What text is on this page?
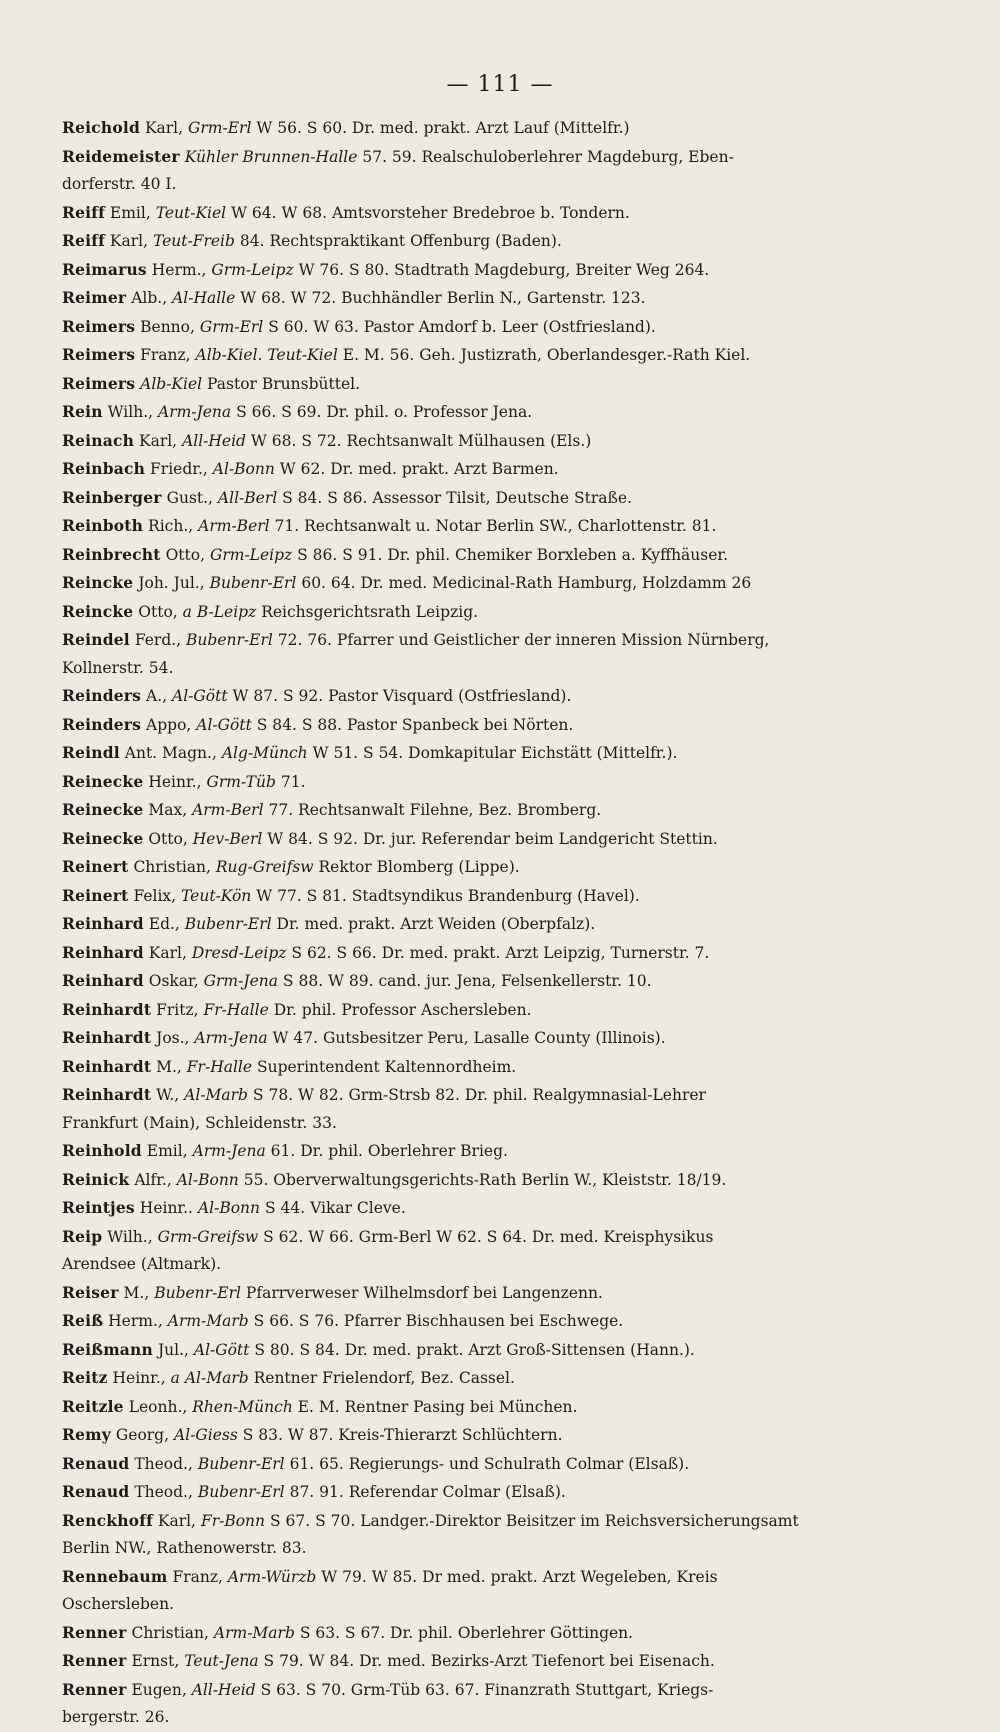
— 111 —

Reichold Karl, Grm-Erl W 56. S 60. Dr. med. prakt. Arzt Lauf (Mittelfr.)

Reidemeister Kühler Brunnen-Halle 57. 59. Realschuloberlehrer Magdeburg, Eben-
dorferstr. 40 I.

Reiff Emil, Teut-Kiel W 64. W 68. Amtsvorsteher Bredebroe b. Tondern.

Reiff Karl, Teut-Freib 84. Rechtspraktikant Offenburg (Baden).

Reimarus Herm., Grm-Leipz W 76. S 80. Stadtrath Magdeburg, Breiter Weg 264.

Reimer Alb., Al-Halle W 68. W 72. Buchhändler Berlin N., Gartenstr. 123.

Reimers Benno, Grm-Erl S 60. W 63. Pastor Amdorf b. Leer (Ostfriesland).

Reimers Franz, Alb-Kiel. Teut-Kiel E. M. 56. Geh. Justizrath, Oberlandesger.-Rath Kiel.

Reimers Alb-Kiel Pastor Brunsbüttel.

Rein Wilh., Arm-Jena S 66. S 69. Dr. phil. o. Professor Jena.

Reinach Karl, All-Heid W 68. S 72. Rechtsanwalt Mülhausen (Els.)

Reinbach Friedr., Al-Bonn W 62. Dr. med. prakt. Arzt Barmen.

Reinberger Gust., All-Berl S 84. S 86. Assessor Tilsit, Deutsche Straße.

Reinboth Rich., Arm-Berl 71. Rechtsanwalt u. Notar Berlin SW., Charlottenstr. 81.

Reinbrecht Otto, Grm-Leipz S 86. S 91. Dr. phil. Chemiker Borxleben a. Kyffhäuser.

Reincke Joh. Jul., Bubenr-Erl 60. 64. Dr. med. Medicinal-Rath Hamburg, Holzdamm 26

Reincke Otto, a B-Leipz Reichsgerichtsrath Leipzig.

Reindel Ferd., Bubenr-Erl 72. 76. Pfarrer und Geistlicher der inneren Mission Nürnberg,
Kollnerstr. 54.

Reinders A., Al-Gött W 87. S 92. Pastor Visquard (Ostfriesland).

Reinders Appo, Al-Gött S 84. S 88. Pastor Spanbeck bei Nörten.

Reindl Ant. Magn., Alg-Münch W 51. S 54. Domkapitular Eichstätt (Mittelfr.).

Reinecke Heinr., Grm-Tüb 71.

Reinecke Max, Arm-Berl 77. Rechtsanwalt Filehne, Bez. Bromberg.

Reinecke Otto, Hev-Berl W 84. S 92. Dr. jur. Referendar beim Landgericht Stettin.

Reinert Christian, Rug-Greifsw Rektor Blomberg (Lippe).

Reinert Felix, Teut-Kön W 77. S 81. Stadtsyndikus Brandenburg (Havel).

Reinhard Ed., Bubenr-Erl Dr. med. prakt. Arzt Weiden (Oberpfalz).

Reinhard Karl, Dresd-Leipz S 62. S 66. Dr. med. prakt. Arzt Leipzig, Turnerstr. 7.

Reinhard Oskar, Grm-Jena S 88. W 89. cand. jur. Jena, Felsenkellerstr. 10.

Reinhardt Fritz, Fr-Halle Dr. phil. Professor Aschersleben.

Reinhardt Jos., Arm-Jena W 47. Gutsbesitzer Peru, Lasalle County (Illinois).

Reinhardt M., Fr-Halle Superintendent Kaltennordheim.

Reinhardt W., Al-Marb S 78. W 82. Grm-Strsb 82. Dr. phil. Realgymnasial-Lehrer
Frankfurt (Main), Schleidenstr. 33.

Reinhold Emil, Arm-Jena 61. Dr. phil. Oberlehrer Brieg.

Reinick Alfr., Al-Bonn 55. Oberverwaltungsgerichts-Rath Berlin W., Kleiststr. 18/19.

Reintjes Heinr.. Al-Bonn S 44. Vikar Cleve.

Reip Wilh., Grm-Greifsw S 62. W 66. Grm-Berl W 62. S 64. Dr. med. Kreisphysikus
Arendsee (Altmark).

Reiser M., Bubenr-Erl Pfarrverweser Wilhelmsdorf bei Langenzenn.

Reiß Herm., Arm-Marb S 66. S 76. Pfarrer Bischhausen bei Eschwege.

Reißmann Jul., Al-Gött S 80. S 84. Dr. med. prakt. Arzt Groß-Sittensen (Hann.).

Reitz Heinr., a Al-Marb Rentner Frielendorf, Bez. Cassel.

Reitzle Leonh., Rhen-Münch E. M. Rentner Pasing bei München.

Remy Georg, Al-Giess S 83. W 87. Kreis-Thierarzt Schlüchtern.

Renaud Theod., Bubenr-Erl 61. 65. Regierungs- und Schulrath Colmar (Elsaß).

Renaud Theod., Bubenr-Erl 87. 91. Referendar Colmar (Elsaß).

Renckhoff Karl, Fr-Bonn S 67. S 70. Landger.-Direktor Beisitzer im Reichsversicherungsamt
Berlin NW., Rathenowerstr. 83.

Rennebaum Franz, Arm-Würzb W 79. W 85. Dr med. prakt. Arzt Wegeleben, Kreis
Oschersleben.

Renner Christian, Arm-Marb S 63. S 67. Dr. phil. Oberlehrer Göttingen.

Renner Ernst, Teut-Jena S 79. W 84. Dr. med. Bezirks-Arzt Tiefenort bei Eisenach.

Renner Eugen, All-Heid S 63. S 70. Grm-Tüb 63. 67. Finanzrath Stuttgart, Kriegs-
bergerstr. 26.
